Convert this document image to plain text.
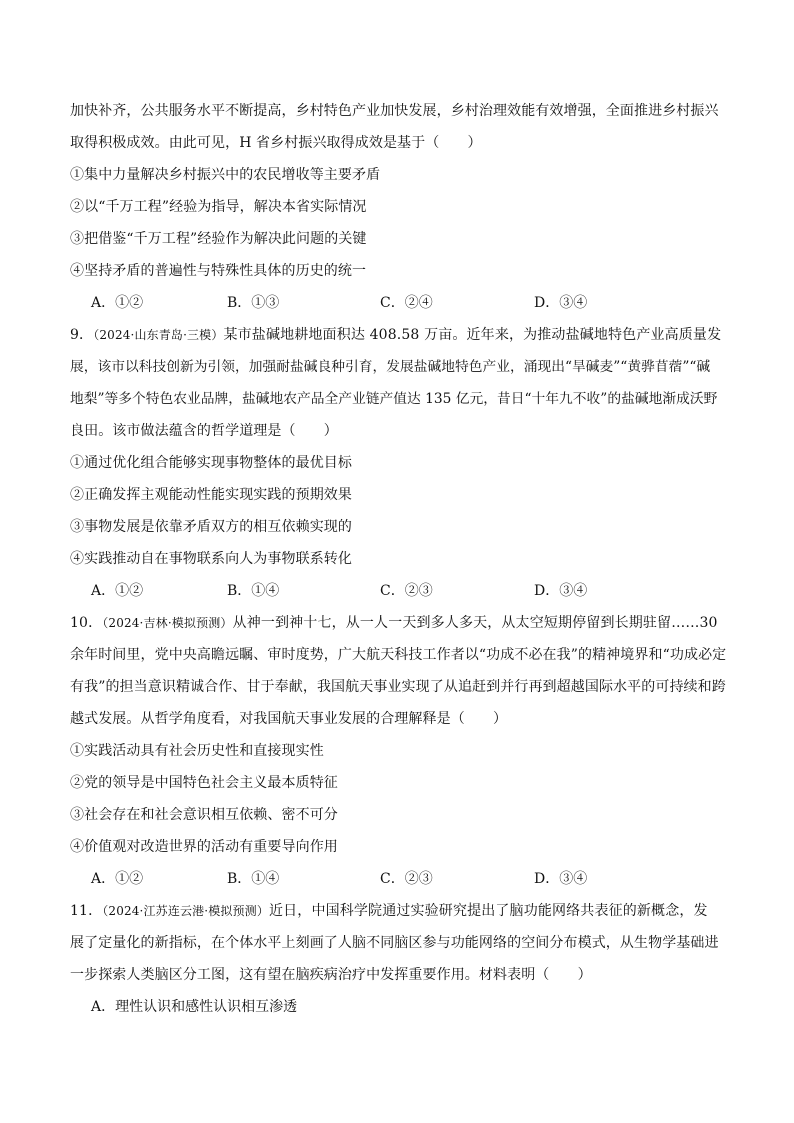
加快补齐，公共服务水平不断提高，乡村特色产业加快发展，乡村治理效能有效增强，全面推进乡村振兴
取得积极成效。由此可见，H 省乡村振兴取得成效是基于（　　）
①集中力量解决乡村振兴中的农民增收等主要矛盾
②以“千万工程”经验为指导，解决本省实际情况
③把借鉴“千万工程”经验作为解决此问题的关键
④坚持矛盾的普遍性与特殊性具体的历史的统一
A．①②	B．①③	C．②④	D．③④
9．（2024·山东青岛·三模）某市盐碱地耕地面积达 408.58 万亩。近年来，为推动盐碱地特色产业高质量发
展，该市以科技创新为引领，加强耐盐碱良种引育，发展盐碱地特色产业，涌现出“旱碱麦”“黄骅苜蓿”“碱
地梨”等多个特色农业品牌，盐碱地农产品全产业链产值达 135 亿元，昔日“十年九不收”的盐碱地渐成沃野
良田。该市做法蕴含的哲学道理是（　　）
①通过优化组合能够实现事物整体的最优目标
②正确发挥主观能动性能实现实践的预期效果
③事物发展是依靠矛盾双方的相互依赖实现的
④实践推动自在事物联系向人为事物联系转化
A．①②	B．①④	C．②③	D．③④
10．（2024·吉林·模拟预测）从神一到神十七，从一人一天到多人多天，从太空短期停留到长期驻留……30
余年时间里，党中央高瞻远瞩、审时度势，广大航天科技工作者以“功成不必在我”的精神境界和“功成必定
有我”的担当意识精诚合作、甘于奉献，我国航天事业实现了从追赶到并行再到超越国际水平的可持续和跨
越式发展。从哲学角度看，对我国航天事业发展的合理解释是（　　）
①实践活动具有社会历史性和直接现实性
②党的领导是中国特色社会主义最本质特征
③社会存在和社会意识相互依赖、密不可分
④价值观对改造世界的活动有重要导向作用
A．①②	B．①④	C．②③	D．③④
11．（2024·江苏连云港·模拟预测）近日，中国科学院通过实验研究提出了脑功能网络共表征的新概念，发
展了定量化的新指标，在个体水平上刻画了人脑不同脑区参与功能网络的空间分布模式，从生物学基础进
一步探索人类脑区分工图，这有望在脑疾病治疗中发挥重要作用。材料表明（　　）
A．理性认识和感性认识相互渗透
